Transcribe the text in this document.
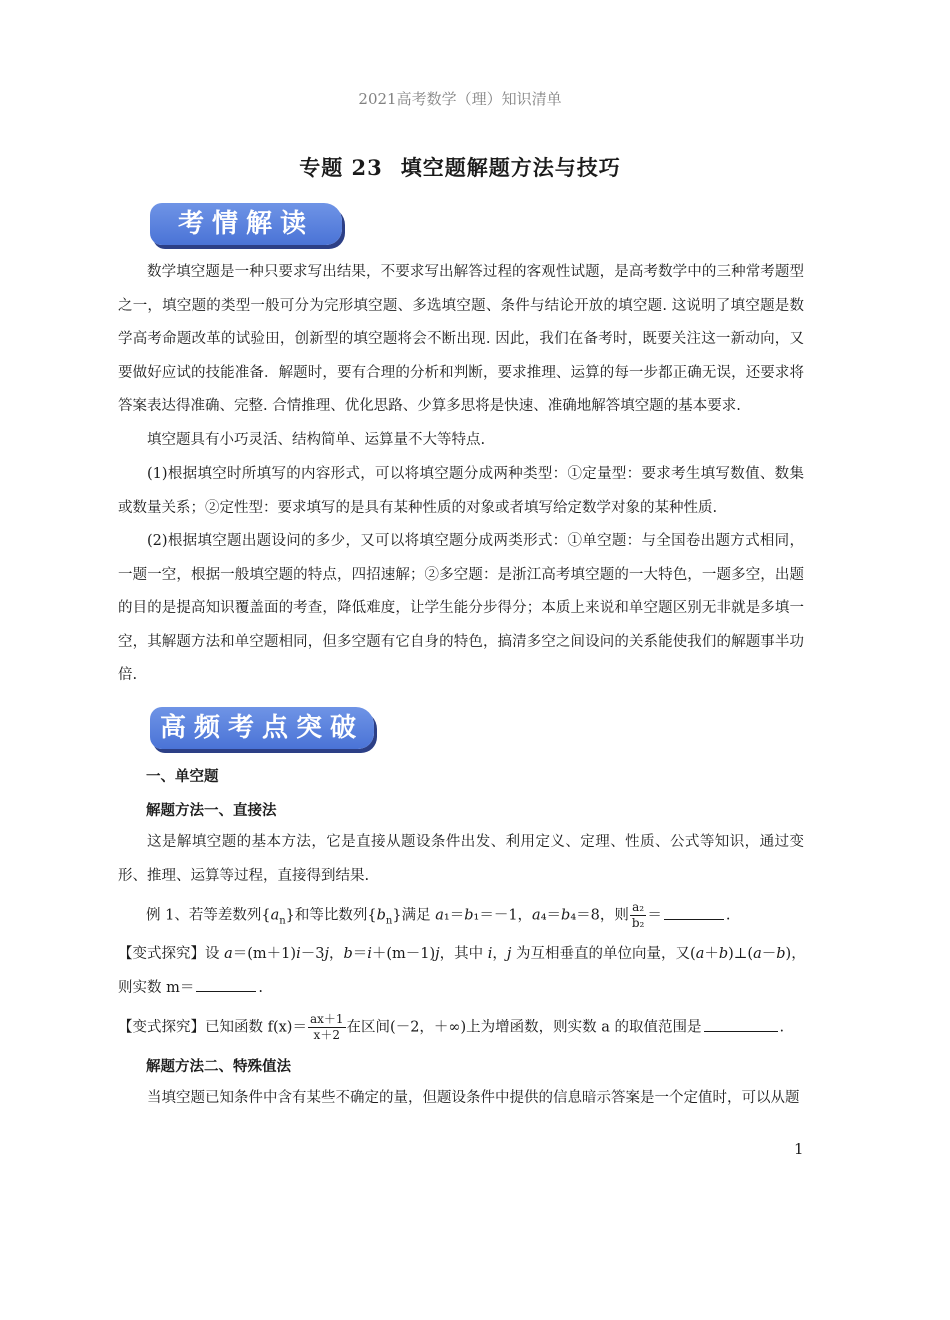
2021高考数学（理）知识清单
专题 23 填空题解题方法与技巧
考情解读

数学填空题是一种只要求写出结果，不要求写出解答过程的客观性试题，是高考数学中的三种常考题型之一，填空题的类型一般可分为完形填空题、多选填空题、条件与结论开放的填空题. 这说明了填空题是数学高考命题改革的试验田，创新型的填空题将会不断出现. 因此，我们在备考时，既要关注这一新动向，又要做好应试的技能准备．解题时，要有合理的分析和判断，要求推理、运算的每一步都正确无误，还要求将答案表达得准确、完整. 合情推理、优化思路、少算多思将是快速、准确地解答填空题的基本要求.

填空题具有小巧灵活、结构简单、运算量不大等特点.

(1)根据填空时所填写的内容形式，可以将填空题分成两种类型：①定量型：要求考生填写数值、数集或数量关系；②定性型：要求填写的是具有某种性质的对象或者填写给定数学对象的某种性质.

(2)根据填空题出题设问的多少，又可以将填空题分成两类形式：①单空题：与全国卷出题方式相同，一题一空，根据一般填空题的特点，四招速解；②多空题：是浙江高考填空题的一大特色，一题多空，出题的目的是提高知识覆盖面的考查，降低难度，让学生能分步得分；本质上来说和单空题区别无非就是多填一空，其解题方法和单空题相同，但多空题有它自身的特色，搞清多空之间设问的关系能使我们的解题事半功倍.

高频考点突破
一、单空题
解题方法一、直接法

这是解填空题的基本方法，它是直接从题设条件出发、利用定义、定理、性质、公式等知识，通过变形、推理、运算等过程，直接得到结果.

例 1、若等差数列$\{a_n\}$和等比数列$\{b_n\}$满足 a₁＝b₁＝－1，a₄＝b₄＝8，则 $\frac{\text{a₂}}{\text{b₂}}$ ＝	.
【变式探究】设 a＝(m＋1)i－3j，b＝i＋(m－1)j，其中 i，j 为互相垂直的单位向量，又(a＋b)⊥(a－b)，
则实数 m＝	.
【变式探究】已知函数 $f(x)= \frac{ax+1}{x+2}$ 在区间(－2，＋∞)上为增函数，则实数 a 的取值范围是	.
解题方法二、特殊值法

当填空题已知条件中含有某些不确定的量，但题设条件中提供的信息暗示答案是一个定值时，可以从题

1
